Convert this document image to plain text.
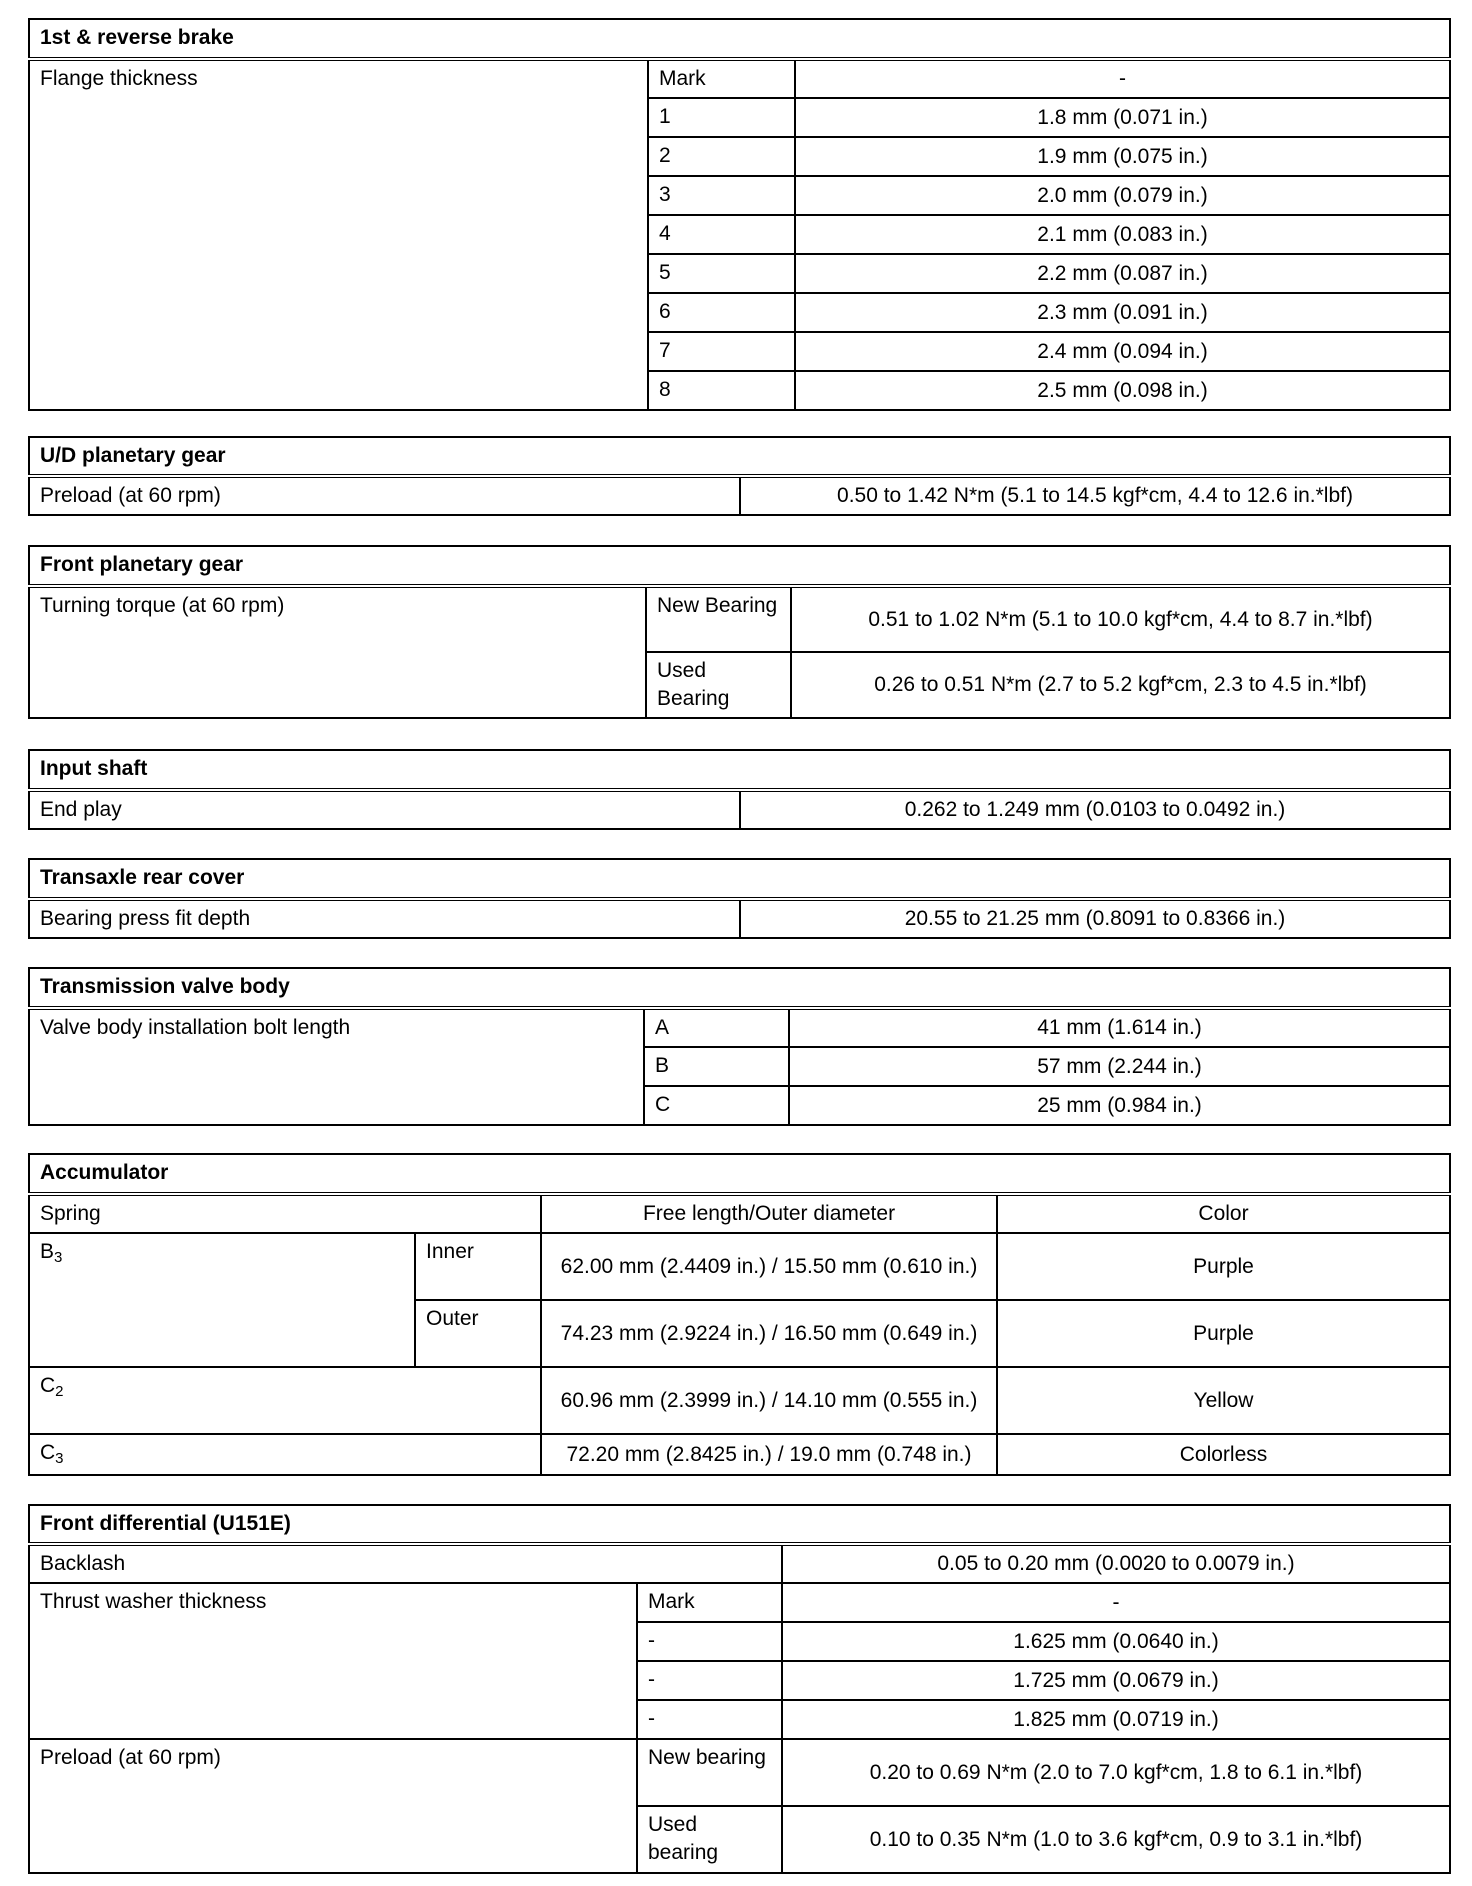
1st & reverse brake		
Flange thickness	Mark	-
	1	1.8 mm (0.071 in.)
	2	1.9 mm (0.075 in.)
	3	2.0 mm (0.079 in.)
	4	2.1 mm (0.083 in.)
	5	2.2 mm (0.087 in.)
	6	2.3 mm (0.091 in.)
	7	2.4 mm (0.094 in.)
	8	2.5 mm (0.098 in.)
U/D planetary gear
Preload (at 60 rpm)	0.50 to 1.42 N*m (5.1 to 14.5 kgf*cm, 4.4 to 12.6 in.*lbf)
Front planetary gear		
Turning torque (at 60 rpm)	New Bearing	0.51 to 1.02 N*m (5.1 to 10.0 kgf*cm, 4.4 to 8.7 in.*lbf)
	Used Bearing	0.26 to 0.51 N*m (2.7 to 5.2 kgf*cm, 2.3 to 4.5 in.*lbf)
Input shaft
End play	0.262 to 1.249 mm (0.0103 to 0.0492 in.)
Transaxle rear cover
Bearing press fit depth	20.55 to 21.25 mm (0.8091 to 0.8366 in.)
Transmission valve body		
Valve body installation bolt length	A	41 mm (1.614 in.)
	B	57 mm (2.244 in.)
	C	25 mm (0.984 in.)
Accumulator			
Spring		Free length/Outer diameter	Color
$B_3$	Inner	62.00 mm (2.4409 in.) / 15.50 mm (0.610 in.)	Purple
	Outer	74.23 mm (2.9224 in.) / 16.50 mm (0.649 in.)	Purple
$C_2$		60.96 mm (2.3999 in.) / 14.10 mm (0.555 in.)	Yellow
$C_3$		72.20 mm (2.8425 in.) / 19.0 mm (0.748 in.)	Colorless
Front differential (U151E)		
Backlash		0.05 to 0.20 mm (0.0020 to 0.0079 in.)
Thrust washer thickness	Mark	-
	-	1.625 mm (0.0640 in.)
	-	1.725 mm (0.0679 in.)
	-	1.825 mm (0.0719 in.)
Preload (at 60 rpm)	New bearing	0.20 to 0.69 N*m (2.0 to 7.0 kgf*cm, 1.8 to 6.1 in.*lbf)
	Used bearing	0.10 to 0.35 N*m (1.0 to 3.6 kgf*cm, 0.9 to 3.1 in.*lbf)
